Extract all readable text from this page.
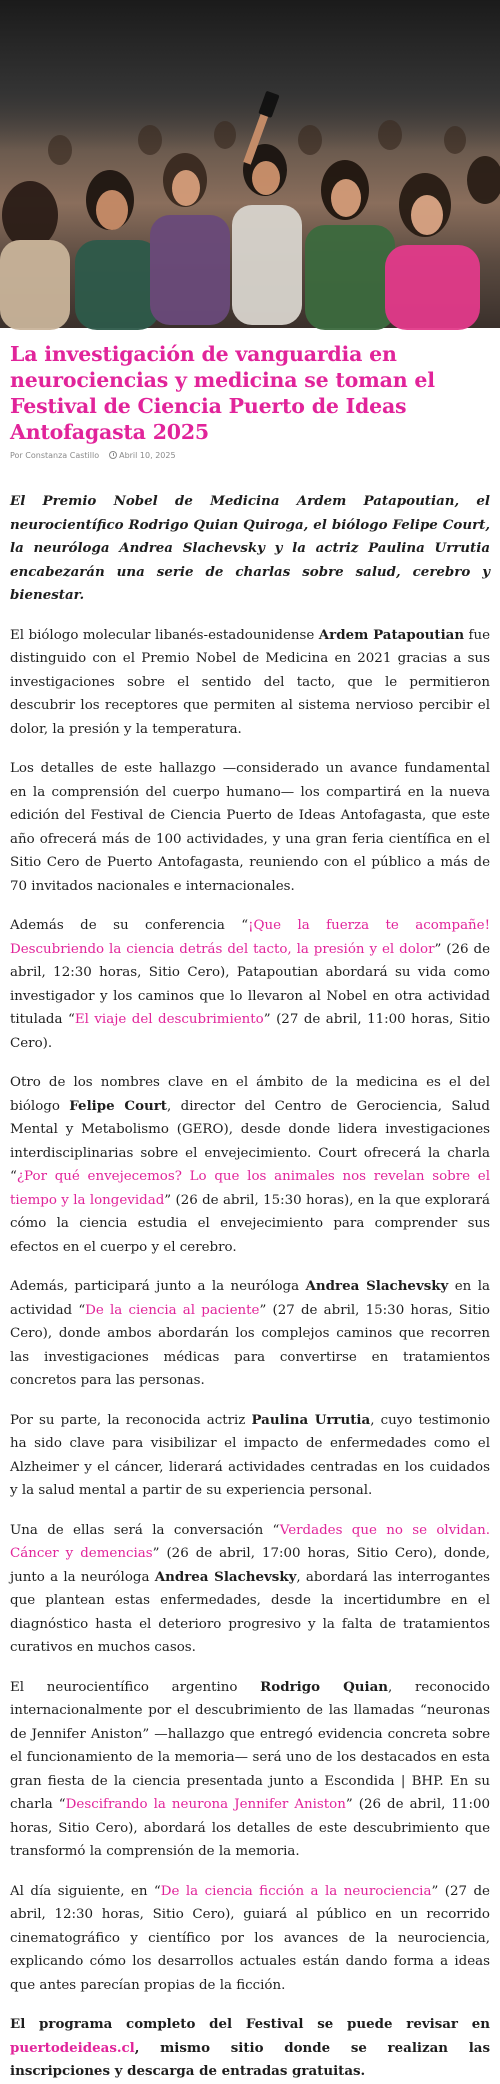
La investigación de vanguardia en neurociencias y medicina se toman el Festival de Ciencia Puerto de Ideas Antofagasta 2025
Por Constanza Castillo	Abril 10, 2025

El Premio Nobel de Medicina Ardem Patapoutian, el neurocientífico Rodrigo Quian Quiroga, el biólogo Felipe Court, la neuróloga Andrea Slachevsky y la actriz Paulina Urrutia encabezarán una serie de charlas sobre salud, cerebro y bienestar.

El biólogo molecular libanés-estadounidense Ardem Patapoutian fue distinguido con el Premio Nobel de Medicina en 2021 gracias a sus investigaciones sobre el sentido del tacto, que le permitieron descubrir los receptores que permiten al sistema nervioso percibir el dolor, la presión y la temperatura.

Los detalles de este hallazgo —considerado un avance fundamental en la comprensión del cuerpo humano— los compartirá en la nueva edición del Festival de Ciencia Puerto de Ideas Antofagasta, que este año ofrecerá más de 100 actividades, y una gran feria científica en el Sitio Cero de Puerto Antofagasta, reuniendo con el público a más de 70 invitados nacionales e internacionales.

Además de su conferencia “¡Que la fuerza te acompañe! Descubriendo la ciencia detrás del tacto, la presión y el dolor” (26 de abril, 12:30 horas, Sitio Cero), Patapoutian abordará su vida como investigador y los caminos que lo llevaron al Nobel en otra actividad titulada “El viaje del descubrimiento” (27 de abril, 11:00 horas, Sitio Cero).

Otro de los nombres clave en el ámbito de la medicina es el del biólogo Felipe Court, director del Centro de Gerociencia, Salud Mental y Metabolismo (GERO), desde donde lidera investigaciones interdisciplinarias sobre el envejecimiento. Court ofrecerá la charla “¿Por qué envejecemos? Lo que los animales nos revelan sobre el tiempo y la longevidad” (26 de abril, 15:30 horas), en la que explorará cómo la ciencia estudia el envejecimiento para comprender sus efectos en el cuerpo y el cerebro.

Además, participará junto a la neuróloga Andrea Slachevsky en la actividad “De la ciencia al paciente” (27 de abril, 15:30 horas, Sitio Cero), donde ambos abordarán los complejos caminos que recorren las investigaciones médicas para convertirse en tratamientos concretos para las personas.

Por su parte, la reconocida actriz Paulina Urrutia, cuyo testimonio ha sido clave para visibilizar el impacto de enfermedades como el Alzheimer y el cáncer, liderará actividades centradas en los cuidados y la salud mental a partir de su experiencia personal.

Una de ellas será la conversación “Verdades que no se olvidan. Cáncer y demencias” (26 de abril, 17:00 horas, Sitio Cero), donde, junto a la neuróloga Andrea Slachevsky, abordará las interrogantes que plantean estas enfermedades, desde la incertidumbre en el diagnóstico hasta el deterioro progresivo y la falta de tratamientos curativos en muchos casos.

El neurocientífico argentino Rodrigo Quian, reconocido internacionalmente por el descubrimiento de las llamadas “neuronas de Jennifer Aniston” —hallazgo que entregó evidencia concreta sobre el funcionamiento de la memoria— será uno de los destacados en esta gran fiesta de la ciencia presentada junto a Escondida | BHP. En su charla “Descifrando la neurona Jennifer Aniston” (26 de abril, 11:00 horas, Sitio Cero), abordará los detalles de este descubrimiento que transformó la comprensión de la memoria.

Al día siguiente, en “De la ciencia ficción a la neurociencia” (27 de abril, 12:30 horas, Sitio Cero), guiará al público en un recorrido cinematográfico y científico por los avances de la neurociencia, explicando cómo los desarrollos actuales están dando forma a ideas que antes parecían propias de la ficción.

El programa completo del Festival se puede revisar en puertodeideas.cl, mismo sitio donde se realizan las inscripciones y descarga de entradas gratuitas.
